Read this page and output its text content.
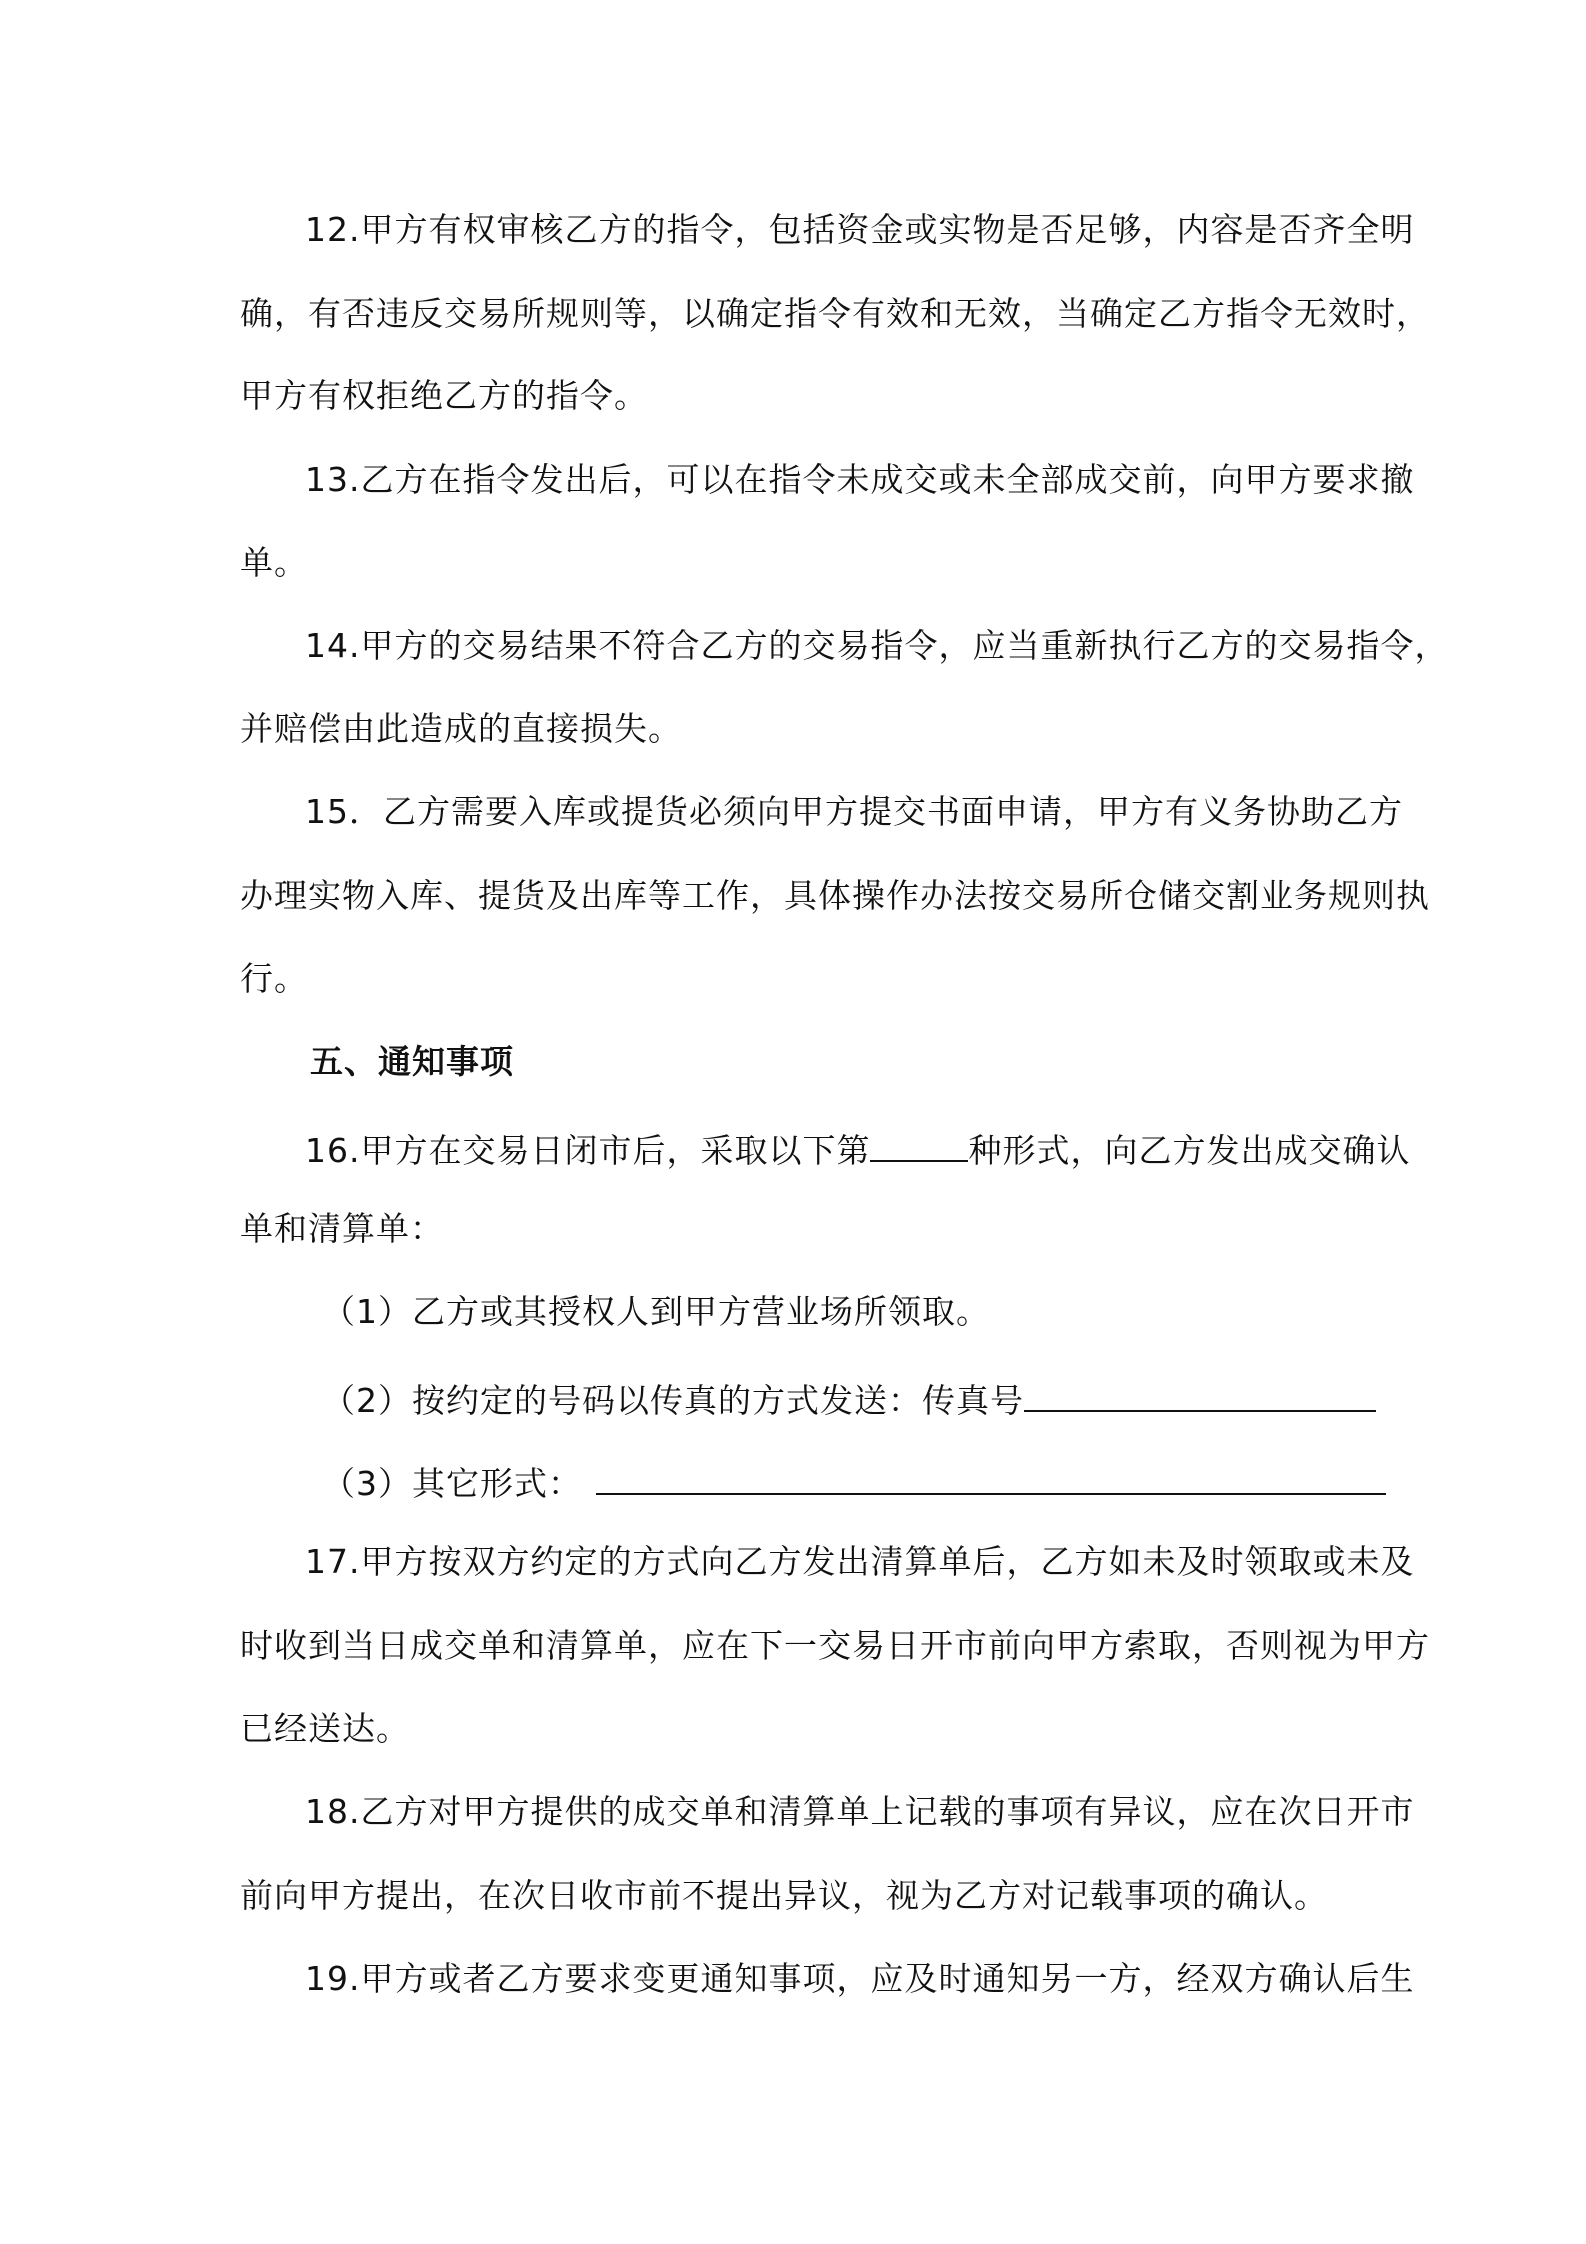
12.甲方有权审核乙方的指令，包括资金或实物是否足够，内容是否齐全明
确，有否违反交易所规则等，以确定指令有效和无效，当确定乙方指令无效时，
甲方有权拒绝乙方的指令。
13.乙方在指令发出后，可以在指令未成交或未全部成交前，向甲方要求撤
单。
14.甲方的交易结果不符合乙方的交易指令，应当重新执行乙方的交易指令，
并赔偿由此造成的直接损失。
15．乙方需要入库或提货必须向甲方提交书面申请，甲方有义务协助乙方
办理实物入库、提货及出库等工作，具体操作办法按交易所仓储交割业务规则执
行。
五、通知事项
16.甲方在交易日闭市后，采取以下第	种形式，向乙方发出成交确认
单和清算单：
（1）乙方或其授权人到甲方营业场所领取。
（2）按约定的号码以传真的方式发送：传真号
（3）其它形式：
17.甲方按双方约定的方式向乙方发出清算单后，乙方如未及时领取或未及
时收到当日成交单和清算单，应在下一交易日开市前向甲方索取，否则视为甲方
已经送达。
18.乙方对甲方提供的成交单和清算单上记载的事项有异议，应在次日开市
前向甲方提出，在次日收市前不提出异议，视为乙方对记载事项的确认。
19.甲方或者乙方要求变更通知事项，应及时通知另一方，经双方确认后生
